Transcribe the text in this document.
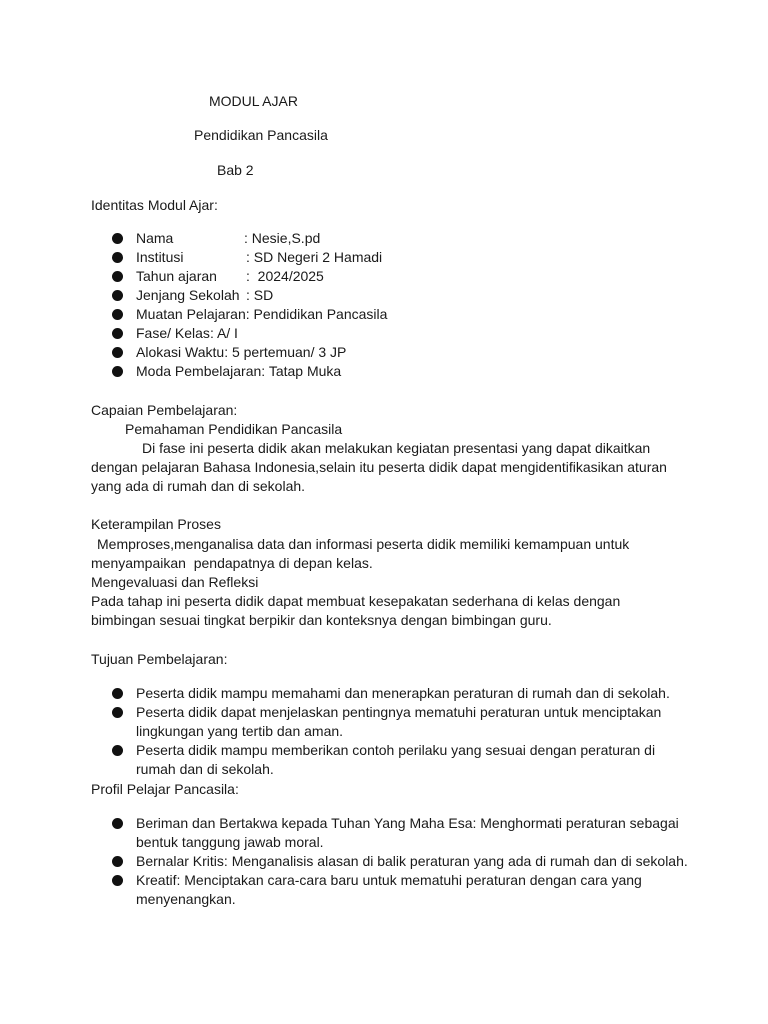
MODUL AJAR
Pendidikan Pancasila
Bab 2
Identitas Modul Ajar:
Nama	: Nesie,S.pd
Institusi	: SD Negeri 2 Hamadi
Tahun ajaran :  2024/2025
Jenjang Sekolah : SD
Muatan Pelajaran: Pendidikan Pancasila
Fase/ Kelas: A/ I
Alokasi Waktu: 5 pertemuan/ 3 JP
Moda Pembelajaran: Tatap Muka
Capaian Pembelajaran:
Pemahaman Pendidikan Pancasila
Di fase ini peserta didik akan melakukan kegiatan presentasi yang dapat dikaitkan
dengan pelajaran Bahasa Indonesia,selain itu peserta didik dapat mengidentifikasikan aturan
yang ada di rumah dan di sekolah.
Keterampilan Proses
Memproses,menganalisa data dan informasi peserta didik memiliki kemampuan untuk
menyampaikan  pendapatnya di depan kelas.
Mengevaluasi dan Refleksi
Pada tahap ini peserta didik dapat membuat kesepakatan sederhana di kelas dengan
bimbingan sesuai tingkat berpikir dan konteksnya dengan bimbingan guru.
Tujuan Pembelajaran:
Peserta didik mampu memahami dan menerapkan peraturan di rumah dan di sekolah.
Peserta didik dapat menjelaskan pentingnya mematuhi peraturan untuk menciptakan
lingkungan yang tertib dan aman.
Peserta didik mampu memberikan contoh perilaku yang sesuai dengan peraturan di
rumah dan di sekolah.
Profil Pelajar Pancasila:
Beriman dan Bertakwa kepada Tuhan Yang Maha Esa: Menghormati peraturan sebagai
bentuk tanggung jawab moral.
Bernalar Kritis: Menganalisis alasan di balik peraturan yang ada di rumah dan di sekolah.
Kreatif: Menciptakan cara-cara baru untuk mematuhi peraturan dengan cara yang
menyenangkan.
